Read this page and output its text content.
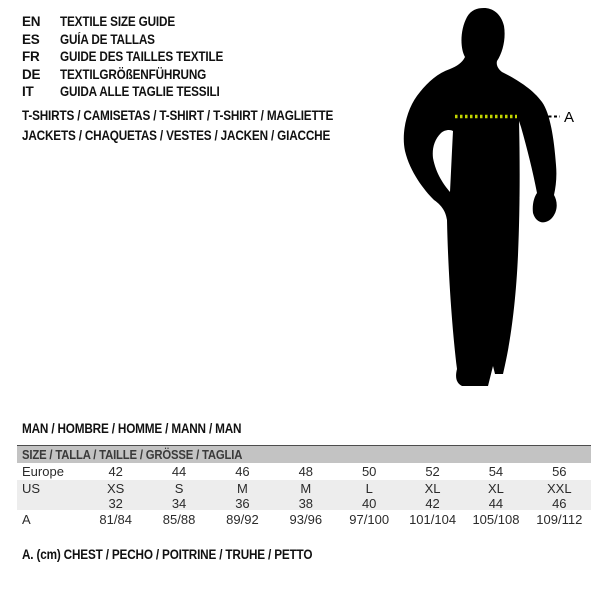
EN	TEXTILE SIZE GUIDE
ES	GUÍA DE TALLAS
FR	GUIDE DES TAILLES TEXTILE
DE	TEXTILGRÖßENFÜHRUNG
IT	GUIDA ALLE TAGLIE TESSILI
T-SHIRTS / CAMISETAS / T-SHIRT / T-SHIRT / MAGLIETTE
JACKETS / CHAQUETAS / VESTES / JACKEN / GIACCHE
A
MAN / HOMBRE / HOMME / MANN / MAN
SIZE / TALLA / TAILLE / GRÖSSE / TAGLIA
Europe	42	44	46	48	50	52	54	56
US	XS	S	M	M	L	XL	XL	XXL
32	34	36	38	40	42	44	46
A	81/84	85/88	89/92	93/96	97/100	101/104	105/108	109/112
A. (cm) CHEST / PECHO / POITRINE / TRUHE / PETTO
